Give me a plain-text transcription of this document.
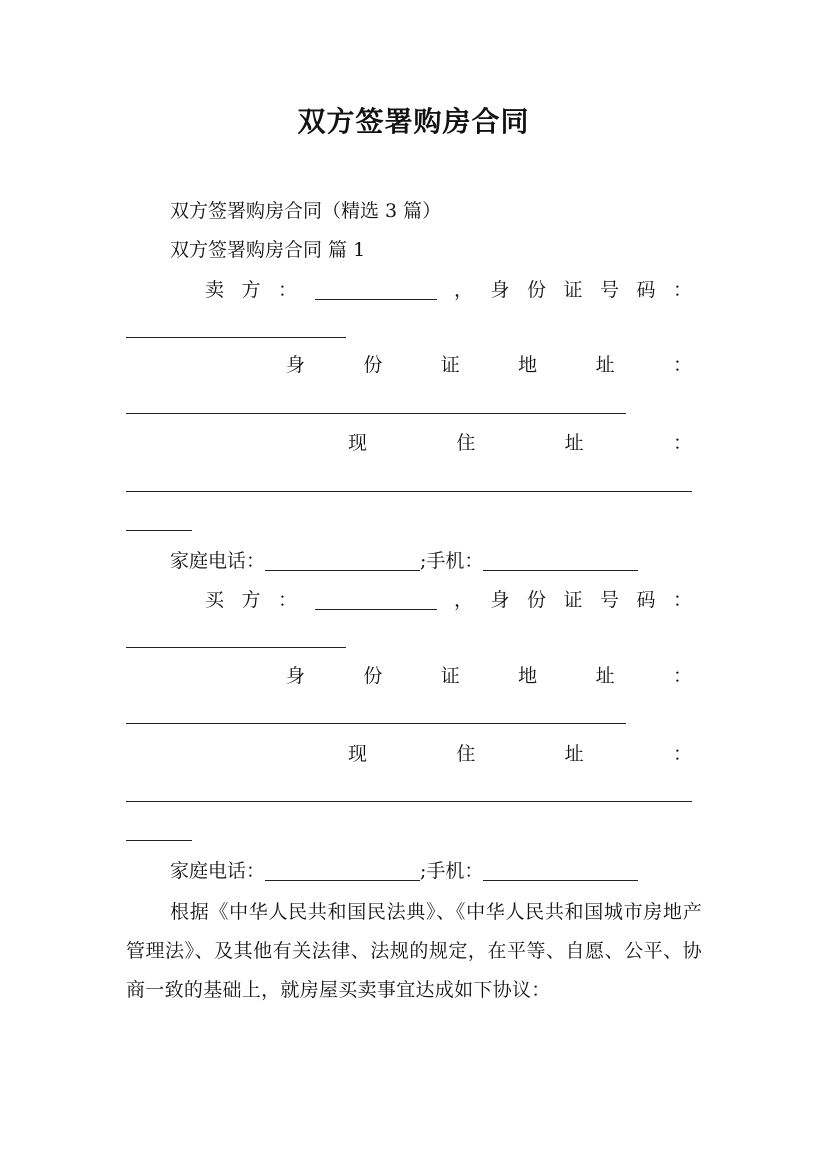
双方签署购房合同
双方签署购房合同（精选 3 篇）
双方签署购房合同 篇 1
卖 方 ：	， 身 份 证 号 码 ：
身	份	证	地	址	：
现	住	址	：
家庭电话：	; 手机：
买 方 ：	， 身 份 证 号 码 ：
身	份	证	地	址	：
现	住	址	：
家庭电话：	; 手机：
根据《中华人民共和国民法典》、《中华人民共和国城市房地产管理法》、及其他有关法律、法规的规定，在平等、自愿、公平、协商一致的基础上，就房屋买卖事宜达成如下协议：
